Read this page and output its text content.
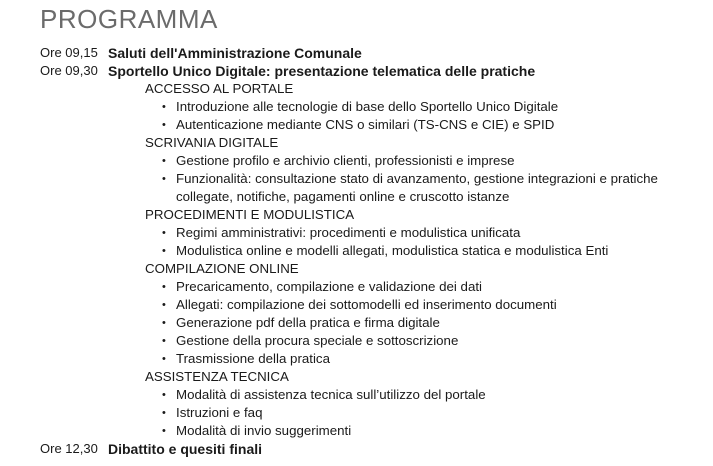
PROGRAMMA
Ore 09,15 Saluti dell'Amministrazione Comunale
Ore 09,30 Sportello Unico Digitale: presentazione telematica delle pratiche
ACCESSO AL PORTALE
• Introduzione alle tecnologie di base dello Sportello Unico Digitale
• Autenticazione mediante CNS o similari (TS-CNS e CIE) e SPID
SCRIVANIA DIGITALE
• Gestione profilo e archivio clienti, professionisti e imprese
• Funzionalità: consultazione stato di avanzamento, gestione integrazioni e pratiche
collegate, notifiche, pagamenti online e cruscotto istanze
PROCEDIMENTI E MODULISTICA
• Regimi amministrativi: procedimenti e modulistica unificata
• Modulistica online e modelli allegati, modulistica statica e modulistica Enti
COMPILAZIONE ONLINE
• Precaricamento, compilazione e validazione dei dati
• Allegati: compilazione dei sottomodelli ed inserimento documenti
• Generazione pdf della pratica e firma digitale
• Gestione della procura speciale e sottoscrizione
• Trasmissione della pratica
ASSISTENZA TECNICA
• Modalità di assistenza tecnica sull’utilizzo del portale
• Istruzioni e faq
• Modalità di invio suggerimenti
Ore 12,30 Dibattito e quesiti finali
